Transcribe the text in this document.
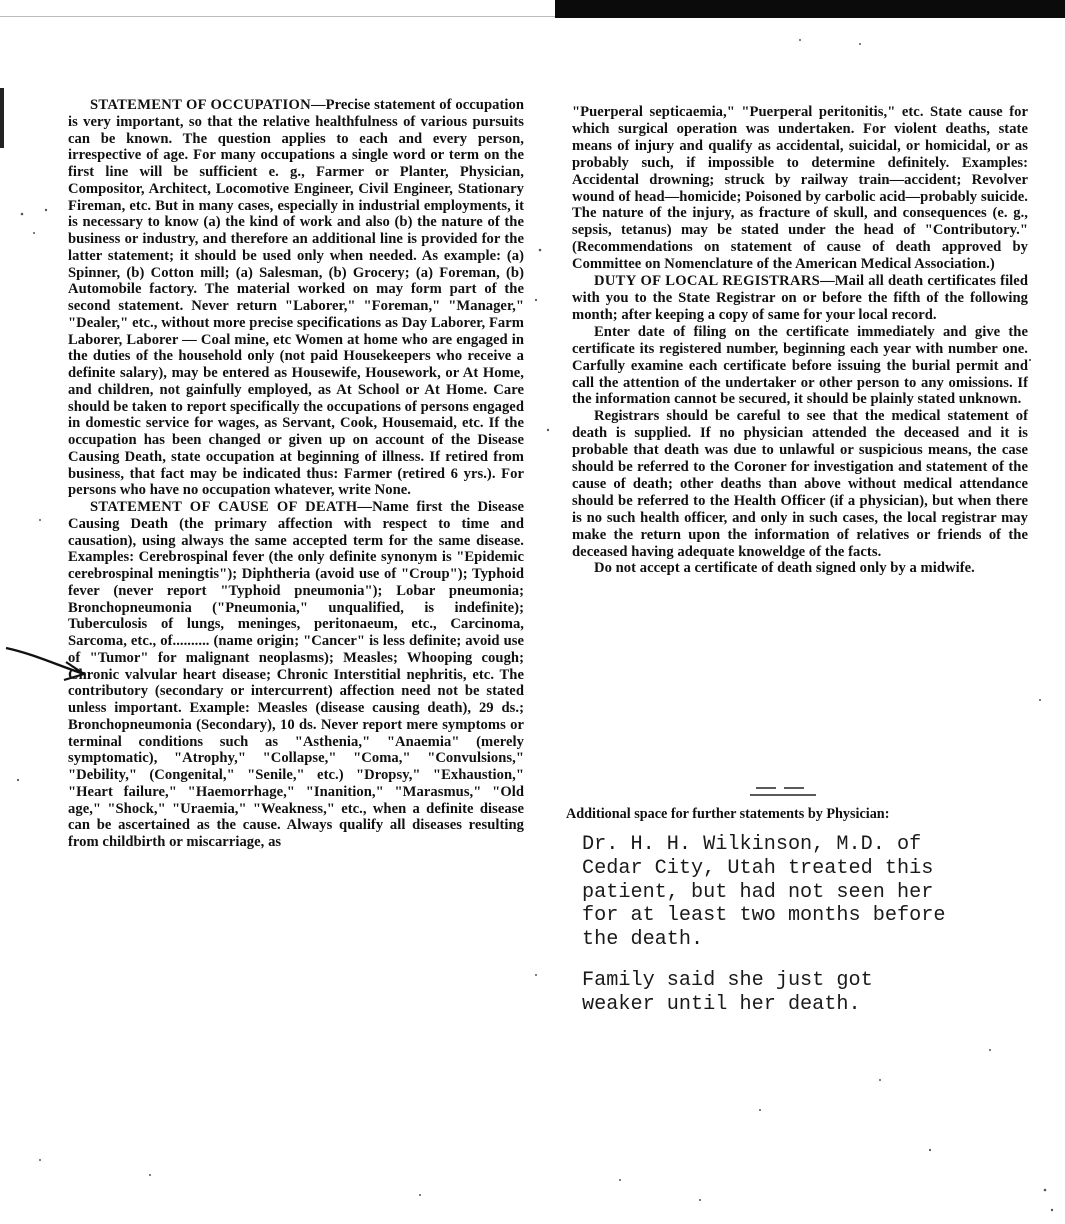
STATEMENT OF OCCUPATION—Precise statement of occupation is very important, so that the relative healthfulness of various pursuits can be known. The question applies to each and every person, irrespective of age. For many occupations a single word or term on the first line will be sufficient e. g., Farmer or Planter, Physician, Compositor, Architect, Locomotive Engineer, Civil Engineer, Stationary Fireman, etc. But in many cases, especially in industrial employments, it is necessary to know (a) the kind of work and also (b) the nature of the business or industry, and therefore an additional line is provided for the latter statement; it should be used only when needed. As example: (a) Spinner, (b) Cotton mill; (a) Salesman, (b) Grocery; (a) Foreman, (b) Automobile factory. The material worked on may form part of the second statement. Never return "Laborer," "Foreman," "Manager," "Dealer," etc., without more precise specifications as Day Laborer, Farm Laborer, Laborer — Coal mine, etc Women at home who are engaged in the duties of the household only (not paid Housekeepers who receive a definite salary), may be entered as Housewife, Housework, or At Home, and children, not gainfully employed, as At School or At Home. Care should be taken to report specifically the occupations of persons engaged in domestic service for wages, as Servant, Cook, Housemaid, etc. If the occupation has been changed or given up on account of the Disease Causing Death, state occupation at beginning of illness. If retired from business, that fact may be indicated thus: Farmer (retired 6 yrs.). For persons who have no occupation whatever, write None.

STATEMENT OF CAUSE OF DEATH—Name first the Disease Causing Death (the primary affection with respect to time and causation), using always the same accepted term for the same disease. Examples: Cerebrospinal fever (the only definite synonym is "Epidemic cerebrospinal meningtis"); Diphtheria (avoid use of "Croup"); Typhoid fever (never report "Typhoid pneumonia"); Lobar pneumonia; Bronchopneumonia ("Pneumonia," unqualified, is indefinite); Tuberculosis of lungs, meninges, peritonaeum, etc., Carcinoma, Sarcoma, etc., of.......... (name origin; "Cancer" is less definite; avoid use of "Tumor" for malignant neoplasms); Measles; Whooping cough; Chronic valvular heart disease; Chronic Interstitial nephritis, etc. The contributory (secondary or intercurrent) affection need not be stated unless important. Example: Measles (disease causing death), 29 ds.; Bronchopneumonia (Secondary), 10 ds. Never report mere symptoms or terminal conditions such as "Asthenia," "Anaemia" (merely symptomatic), "Atrophy," "Collapse," "Coma," "Convulsions," "Debility," (Congenital," "Senile," etc.) "Dropsy," "Exhaustion," "Heart failure," "Haemorrhage," "Inanition," "Marasmus," "Old age," "Shock," "Uraemia," "Weakness," etc., when a definite disease can be ascertained as the cause. Always qualify all diseases resulting from childbirth or miscarriage, as

"Puerperal septicaemia," "Puerperal peritonitis," etc. State cause for which surgical operation was undertaken. For violent deaths, state means of injury and qualify as accidental, suicidal, or homicidal, or as probably such, if impossible to determine definitely. Examples: Accidental drowning; struck by railway train—accident; Revolver wound of head—homicide; Poisoned by carbolic acid—probably suicide. The nature of the injury, as fracture of skull, and consequences (e. g., sepsis, tetanus) may be stated under the head of "Contributory." (Recommendations on statement of cause of death approved by Committee on Nomenclature of the American Medical Association.)

DUTY OF LOCAL REGISTRARS—Mail all death certificates filed with you to the State Registrar on or before the fifth of the following month; after keeping a copy of same for your local record.

Enter date of filing on the certificate immediately and give the certificate its registered number, beginning each year with number one. Carfully examine each certificate before issuing the burial permit and call the attention of the undertaker or other person to any omissions. If the information cannot be secured, it should be plainly stated unknown.

Registrars should be careful to see that the medical statement of death is supplied. If no physician attended the deceased and it is probable that death was due to unlawful or suspicious means, the case should be referred to the Coroner for investigation and statement of the cause of death; other deaths than above without medical attendance should be referred to the Health Officer (if a physician), but when there is no such health officer, and only in such cases, the local registrar may make the return upon the information of relatives or friends of the deceased having adequate knoweldge of the facts.

Do not accept a certificate of death signed only by a midwife.

Additional space for further statements by Physician:
Dr. H. H. Wilkinson, M.D. of
Cedar City, Utah treated this
patient, but had not seen her
for at least two months before
the death.
Family said she just got
weaker until her death.
